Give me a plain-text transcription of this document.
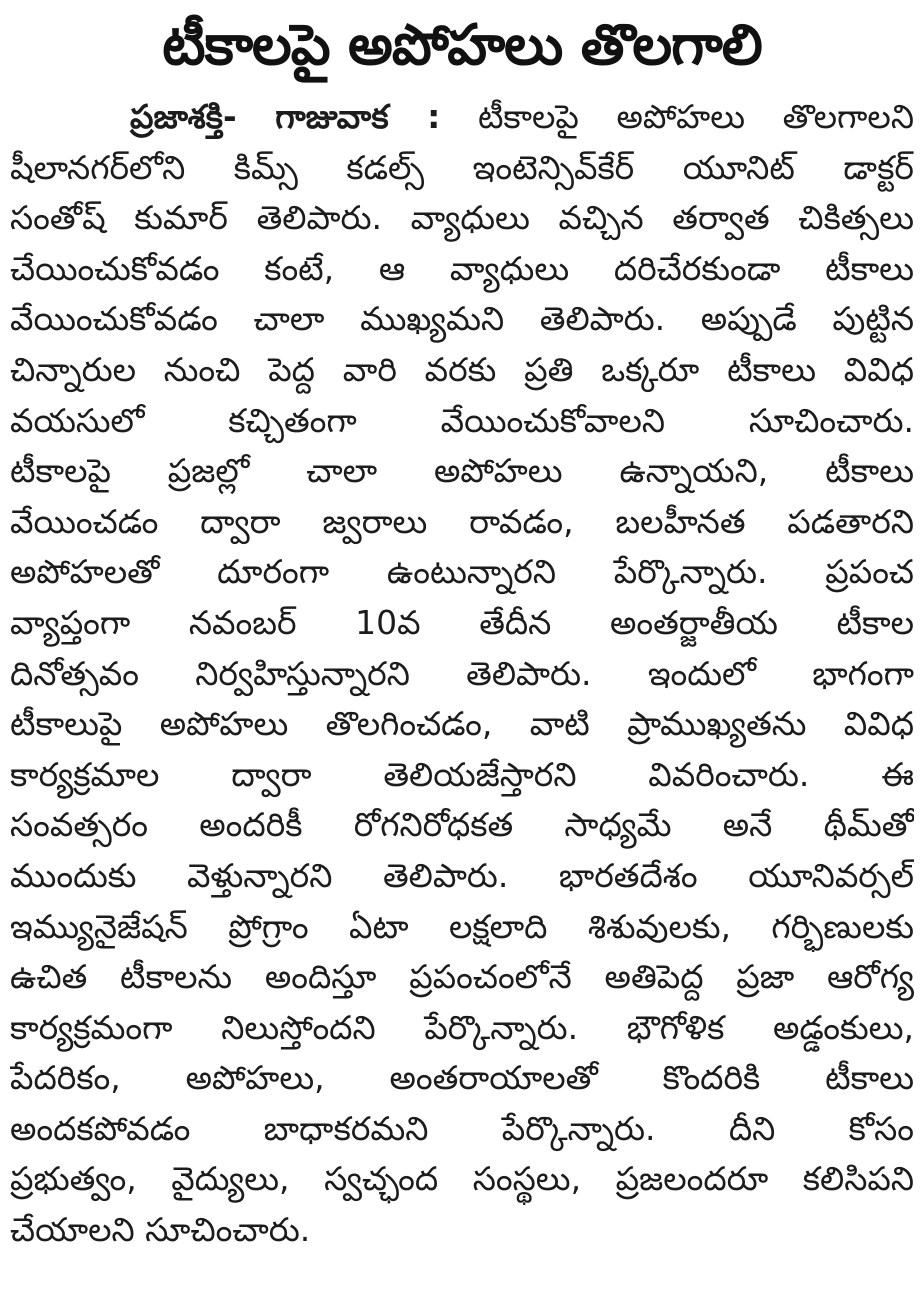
టీకాలపై అపోహలు తొలగాలి
ప్రజాశక్తి- గాజువాక : టీకాలపై అపోహలు తొలగాలని
షీలానగర్‌లోని కిమ్స్ కడల్స్ ఇంటెన్సివ్‌కేర్ యూనిట్ డాక్టర్
సంతోష్ కుమార్ తెలిపారు. వ్యాధులు వచ్చిన తర్వాత చికిత్సలు
చేయించుకోవడం కంటే, ఆ వ్యాధులు దరిచేరకుండా టీకాలు
వేయించుకోవడం చాలా ముఖ్యమని తెలిపారు. అప్పుడే పుట్టిన
చిన్నారుల నుంచి పెద్ద వారి వరకు ప్రతి ఒక్కరూ టీకాలు వివిధ
వయసులో కచ్చితంగా వేయించుకోవాలని సూచించారు.
టీకాలపై ప్రజల్లో చాలా అపోహలు ఉన్నాయని, టీకాలు
వేయించడం ద్వారా జ్వరాలు రావడం, బలహీనత పడతారని
అపోహలతో దూరంగా ఉంటున్నారని పేర్కొన్నారు. ప్రపంచ
వ్యాప్తంగా నవంబర్ 10వ తేదీన అంతర్జాతీయ టీకాల
దినోత్సవం నిర్వహిస్తున్నారని తెలిపారు. ఇందులో భాగంగా
టీకాలుపై అపోహలు తొలగించడం, వాటి ప్రాముఖ్యతను వివిధ
కార్యక్రమాల ద్వారా తెలియజేస్తారని వివరించారు. ఈ
సంవత్సరం అందరికీ రోగనిరోధకత సాధ్యమే అనే థీమ్‌తో
ముందుకు వెళ్తున్నారని తెలిపారు. భారతదేశం యూనివర్సల్
ఇమ్యునైజేషన్ ప్రోగ్రాం ఏటా లక్షలాది శిశువులకు, గర్భిణులకు
ఉచిత టీకాలను అందిస్తూ ప్రపంచంలోనే అతిపెద్ద ప్రజా ఆరోగ్య
కార్యక్రమంగా నిలుస్తోందని పేర్కొన్నారు. భౌగోళిక అడ్డంకులు,
పేదరికం, అపోహలు, అంతరాయాలతో కొందరికి టీకాలు
అందకపోవడం బాధాకరమని పేర్కొన్నారు. దీని కోసం
ప్రభుత్వం, వైద్యులు, స్వచ్ఛంద సంస్థలు, ప్రజలందరూ కలిసిపని
చేయాలని సూచించారు.
